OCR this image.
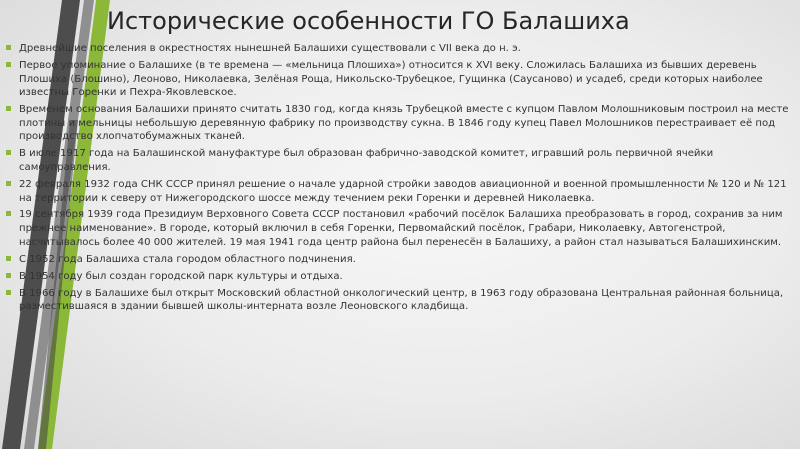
Исторические особенности ГО Балашиха
Древнейшие поселения в окрестностях нынешней Балашихи существовали с VII века до н. э.
Первое упоминание о Балашихе (в те времена — «мельница Плошиха») относится к XVI веку. Сложилась Балашиха из бывших деревень Плошиха (Блошино), Леоново, Николаевка, Зелёная Роща, Никольско-Трубецкое, Гущинка (Саусаново) и усадеб, среди которых наиболее известны Горенки и Пехра-Яковлевское.
Временем основания Балашихи принято считать 1830 год, когда князь Трубецкой вместе с купцом Павлом Молошниковым построил на месте плотины и мельницы небольшую деревянную фабрику по производству сукна. В 1846 году купец Павел Молошников перестраивает её под производство хлопчатобумажных тканей.
В июле 1917 года на Балашинской мануфактуре был образован фабрично-заводской комитет, игравший роль первичной ячейки самоуправления.
22 февраля 1932 года СНК СССР принял решение о начале ударной стройки заводов авиационной и военной промышленности № 120 и № 121 на территории к северу от Нижегородского шоссе между течением реки Горенки и деревней Николаевка.
19 сентября 1939 года Президиум Верховного Совета СССР постановил «рабочий посёлок Балашиха преобразовать в город, сохранив за ним прежнее наименование». В городе, который включил в себя Горенки, Первомайский посёлок, Грабари, Николаевку, Автогенстрой, насчитывалось более 40 000 жителей. 19 мая 1941 года центр района был перенесён в Балашиху, а район стал называться Балашихинским.
С 1952 года Балашиха стала городом областного подчинения.
В 1954 году был создан городской парк культуры и отдыха.
В 1966 году в Балашихе был открыт Московский областной онкологический центр, в 1963 году образована Центральная районная больница, разместившаяся в здании бывшей школы-интерната возле Леоновского кладбища.
